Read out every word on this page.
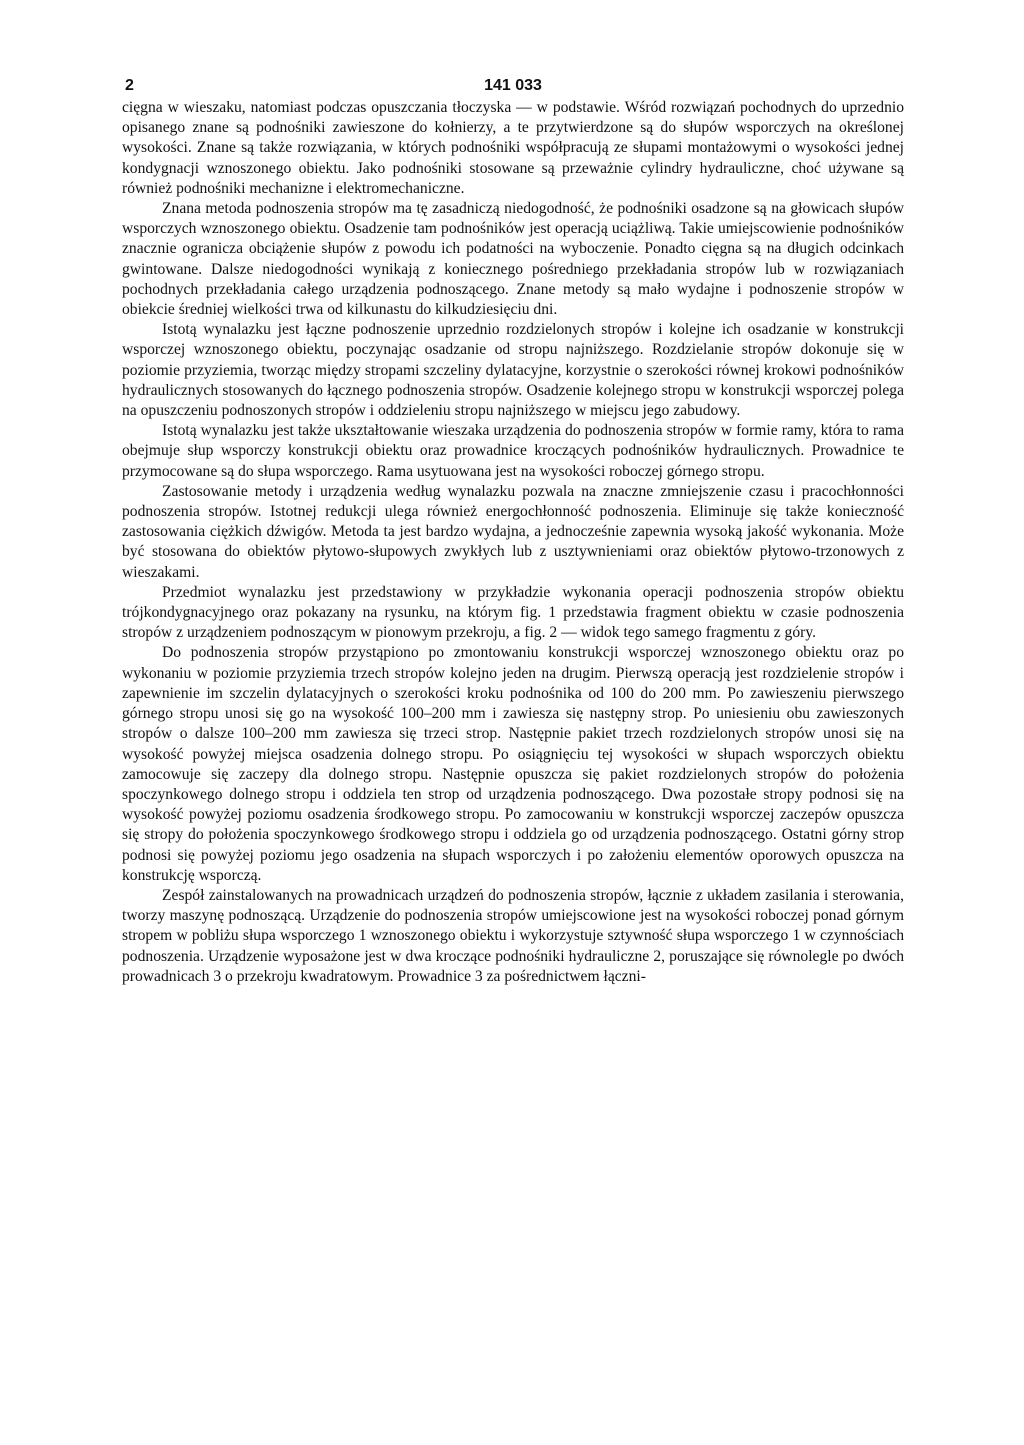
2	141 033

cięgna w wieszaku, natomiast podczas opuszczania tłoczyska — w podstawie. Wśród rozwiązań pochodnych do uprzednio opisanego znane są podnośniki zawieszone do kołnierzy, a te przytwierdzone są do słupów wsporczych na określonej wysokości. Znane są także rozwiązania, w których podnośniki współpracują ze słupami montażowymi o wysokości jednej kondygnacji wznoszonego obiektu. Jako podnośniki stosowane są przeważnie cylindry hydrauliczne, choć używane są również podnośniki mechanizne i elektromechaniczne.

Znana metoda podnoszenia stropów ma tę zasadniczą niedogodność, że podnośniki osadzone są na głowicach słupów wsporczych wznoszonego obiektu. Osadzenie tam podnośników jest operacją uciążliwą. Takie umiejscowienie podnośników znacznie ogranicza obciążenie słupów z powodu ich podatności na wyboczenie. Ponadto cięgna są na długich odcinkach gwintowane. Dalsze niedogodności wynikają z koniecznego pośredniego przekładania stropów lub w rozwiązaniach pochodnych przekładania całego urządzenia podnoszącego. Znane metody są mało wydajne i podnoszenie stropów w obiekcie średniej wielkości trwa od kilkunastu do kilkudziesięciu dni.

Istotą wynalazku jest łączne podnoszenie uprzednio rozdzielonych stropów i kolejne ich osadzanie w konstrukcji wsporczej wznoszonego obiektu, poczynając osadzanie od stropu najniższego. Rozdzielanie stropów dokonuje się w poziomie przyziemia, tworząc między stropami szczeliny dylatacyjne, korzystnie o szerokości równej krokowi podnośników hydraulicznych stosowanych do łącznego podnoszenia stropów. Osadzenie kolejnego stropu w konstrukcji wsporczej polega na opuszczeniu podnoszonych stropów i oddzieleniu stropu najniższego w miejscu jego zabudowy.

Istotą wynalazku jest także ukształtowanie wieszaka urządzenia do podnoszenia stropów w formie ramy, która to rama obejmuje słup wsporczy konstrukcji obiektu oraz prowadnice kroczących podnośników hydraulicznych. Prowadnice te przymocowane są do słupa wsporczego. Rama usytuowana jest na wysokości roboczej górnego stropu.

Zastosowanie metody i urządzenia według wynalazku pozwala na znaczne zmniejszenie czasu i pracochłonności podnoszenia stropów. Istotnej redukcji ulega również energochłonność podnoszenia. Eliminuje się także konieczność zastosowania ciężkich dźwigów. Metoda ta jest bardzo wydajna, a jednocześnie zapewnia wysoką jakość wykonania. Może być stosowana do obiektów płytowo-słupowych zwykłych lub z usztywnieniami oraz obiektów płytowo-trzonowych z wieszakami.

Przedmiot wynalazku jest przedstawiony w przykładzie wykonania operacji podnoszenia stropów obiektu trójkondygnacyjnego oraz pokazany na rysunku, na którym fig. 1 przedstawia fragment obiektu w czasie podnoszenia stropów z urządzeniem podnoszącym w pionowym przekroju, a fig. 2 — widok tego samego fragmentu z góry.

Do podnoszenia stropów przystąpiono po zmontowaniu konstrukcji wsporczej wznoszonego obiektu oraz po wykonaniu w poziomie przyziemia trzech stropów kolejno jeden na drugim. Pierwszą operacją jest rozdzielenie stropów i zapewnienie im szczelin dylatacyjnych o szerokości kroku podnośnika od 100 do 200 mm. Po zawieszeniu pierwszego górnego stropu unosi się go na wysokość 100–200 mm i zawiesza się następny strop. Po uniesieniu obu zawieszonych stropów o dalsze 100–200 mm zawiesza się trzeci strop. Następnie pakiet trzech rozdzielonych stropów unosi się na wysokość powyżej miejsca osadzenia dolnego stropu. Po osiągnięciu tej wysokości w słupach wsporczych obiektu zamocowuje się zaczepy dla dolnego stropu. Następnie opuszcza się pakiet rozdzielonych stropów do położenia spoczynkowego dolnego stropu i oddziela ten strop od urządzenia podnoszącego. Dwa pozostałe stropy podnosi się na wysokość powyżej poziomu osadzenia środkowego stropu. Po zamocowaniu w konstrukcji wsporczej zaczepów opuszcza się stropy do położenia spoczynkowego środkowego stropu i oddziela go od urządzenia podnoszącego. Ostatni górny strop podnosi się powyżej poziomu jego osadzenia na słupach wsporczych i po założeniu elementów oporowych opuszcza na konstrukcję wsporczą.

Zespół zainstalowanych na prowadnicach urządzeń do podnoszenia stropów, łącznie z układem zasilania i sterowania, tworzy maszynę podnoszącą. Urządzenie do podnoszenia stropów umiejscowione jest na wysokości roboczej ponad górnym stropem w pobliżu słupa wsporczego 1 wznoszonego obiektu i wykorzystuje sztywność słupa wsporczego 1 w czynnościach podnoszenia. Urządzenie wyposażone jest w dwa kroczące podnośniki hydrauliczne 2, poruszające się równolegle po dwóch prowadnicach 3 o przekroju kwadratowym. Prowadnice 3 za pośrednictwem łączni-
